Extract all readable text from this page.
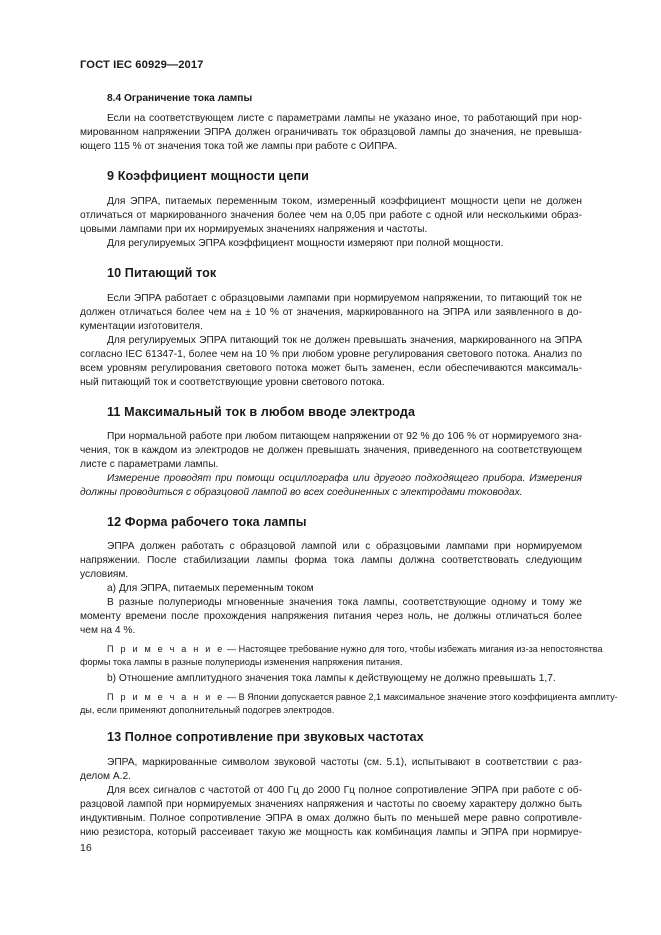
ГОСТ IEC 60929—2017
8.4 Ограничение тока лампы
Если на соответствующем листе с параметрами лампы не указано иное, то работающий при нор-
мированном напряжении ЭПРА должен ограничивать ток образцовой лампы до значения, не превыша-
ющего 115 % от значения тока той же лампы при работе с ОИПРА.
9 Коэффициент мощности цепи
Для ЭПРА, питаемых переменным током, измеренный коэффициент мощности цепи не должен
отличаться от маркированного значения более чем на 0,05 при работе с одной или несколькими образ-
цовыми лампами при их нормируемых значениях напряжения и частоты.
Для регулируемых ЭПРА коэффициент мощности измеряют при полной мощности.
10 Питающий ток
Если ЭПРА работает с образцовыми лампами при нормируемом напряжении, то питающий ток не
должен отличаться более чем на ± 10 % от значения, маркированного на ЭПРА или заявленного в до-
кументации изготовителя.
Для регулируемых ЭПРА питающий ток не должен превышать значения, маркированного на ЭПРА
согласно IEC 61347-1, более чем на 10 % при любом уровне регулирования светового потока. Анализ по
всем уровням регулирования светового потока может быть заменен, если обеспечиваются максималь-
ный питающий ток и соответствующие уровни светового потока.
11 Максимальный ток в любом вводе электрода
При нормальной работе при любом питающем напряжении от 92 % до 106 % от нормируемого зна-
чения, ток в каждом из электродов не должен превышать значения, приведенного на соответствующем
листе с параметрами лампы.
Измерение проводят при помощи осциллографа или другого подходящего прибора. Измерения
должны проводиться с образцовой лампой во всех соединенных с электродами тоководах.
12 Форма рабочего тока лампы
ЭПРА должен работать с образцовой лампой или с образцовыми лампами при нормируемом
напряжении. После стабилизации лампы форма тока лампы должна соответствовать следующим
условиям.
а) Для ЭПРА, питаемых переменным током
В разные полупериоды мгновенные значения тока лампы, соответствующие одному и тому же
моменту времени после прохождения напряжения питания через ноль, не должны отличаться более
чем на 4 %.
П р и м е ч а н и е — Настоящее требование нужно для того, чтобы избежать мигания из-за непостоянства
формы тока лампы в разные полупериоды изменения напряжения питания.
b) Отношение амплитудного значения тока лампы к действующему не должно превышать 1,7.
П р и м е ч а н и е — В Японии допускается равное 2,1 максимальное значение этого коэффициента амплиту-
ды, если применяют дополнительный подогрев электродов.
13 Полное сопротивление при звуковых частотах
ЭПРА, маркированные символом звуковой частоты (см. 5.1), испытывают в соответствии с раз-
делом А.2.
Для всех сигналов с частотой от 400 Гц до 2000 Гц полное сопротивление ЭПРА при работе с об-
разцовой лампой при нормируемых значениях напряжения и частоты по своему характеру должно быть
индуктивным. Полное сопротивление ЭПРА в омах должно быть по меньшей мере равно сопротивле-
нию резистора, который рассеивает такую же мощность как комбинация лампы и ЭПРА при нормируе-
16
